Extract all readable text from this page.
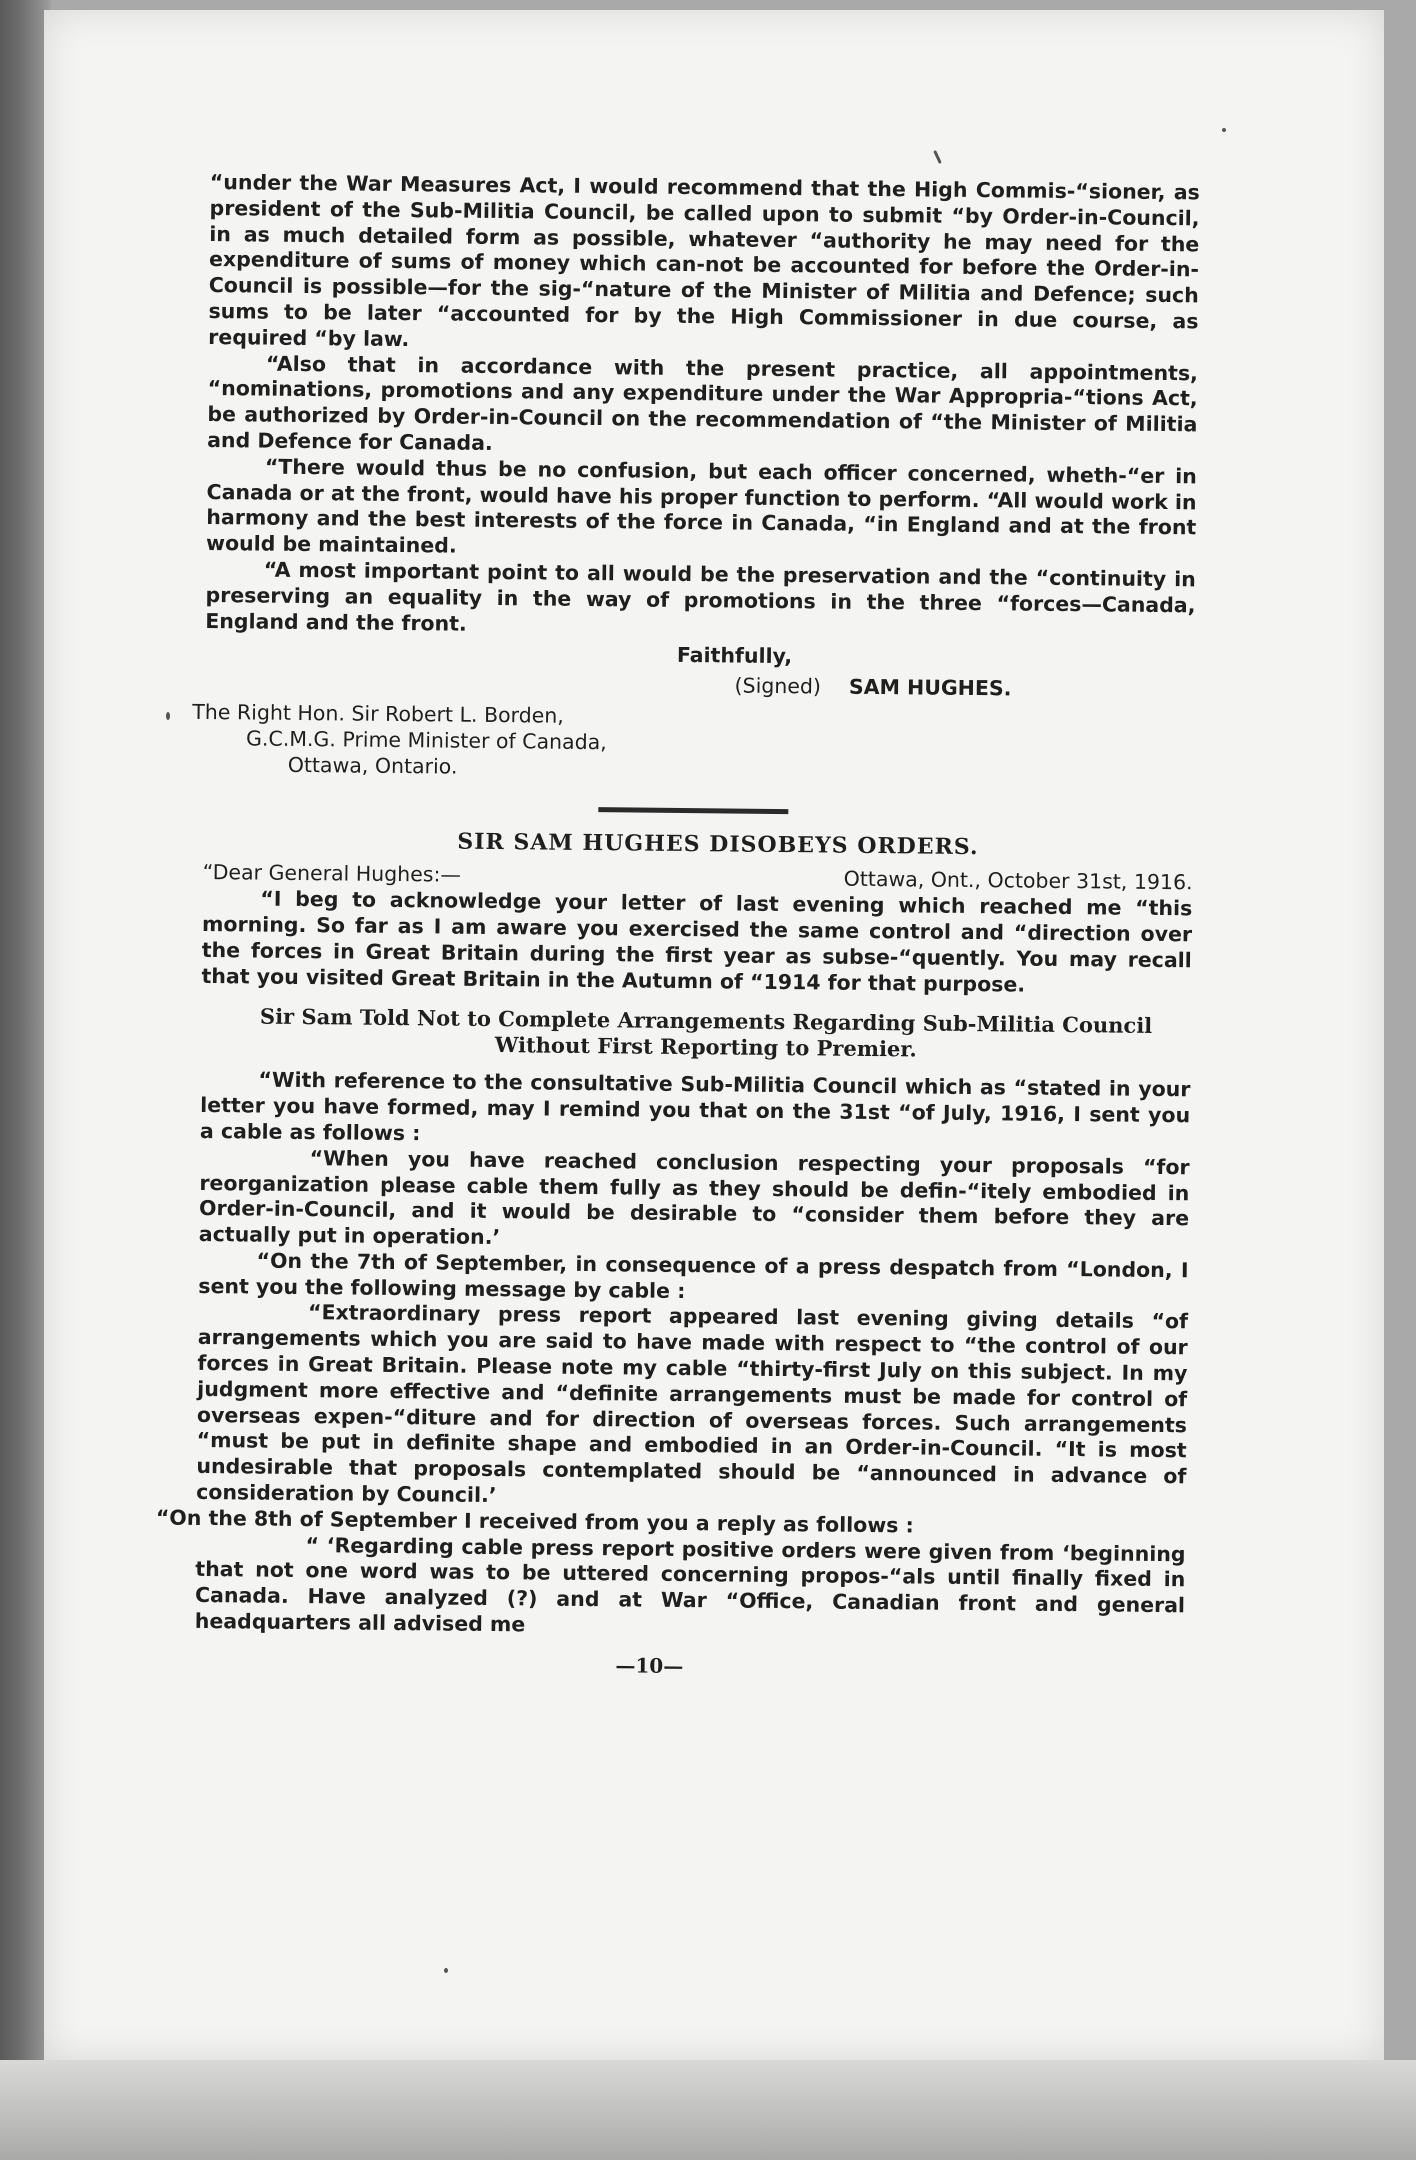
“under the War Measures Act, I would recommend that the High Commis‑“sioner, as president of the Sub-Militia Council, be called upon to submit “by Order-in-Council, in as much detailed form as possible, whatever “authority he may need for the expenditure of sums of money which can‑not be accounted for before the Order-in-Council is possible—for the sig‑“nature of the Minister of Militia and Defence; such sums to be later “accounted for by the High Commissioner in due course, as required “by law.

“Also that in accordance with the present practice, all appointments, “nominations, promotions and any expenditure under the War Appropria‑“tions Act, be authorized by Order-in-Council on the recommendation of “the Minister of Militia and Defence for Canada.

“There would thus be no confusion, but each officer concerned, wheth‑“er in Canada or at the front, would have his proper function to perform. “All would work in harmony and the best interests of the force in Canada, “in England and at the front would be maintained.

“A most important point to all would be the preservation and the “continuity in preserving an equality in the way of promotions in the three “forces—Canada, England and the front.

Faithfully,
(Signed) SAM HUGHES.
The Right Hon. Sir Robert L. Borden,
G.C.M.G. Prime Minister of Canada,
Ottawa, Ontario.
SIR SAM HUGHES DISOBEYS ORDERS.
“Dear General Hughes:—	Ottawa, Ont., October 31st, 1916.

“I beg to acknowledge your letter of last evening which reached me “this morning. So far as I am aware you exercised the same control and “direction over the forces in Great Britain during the first year as subse‑“quently. You may recall that you visited Great Britain in the Autumn of “1914 for that purpose.

Sir Sam Told Not to Complete Arrangements Regarding Sub-Militia Council Without First Reporting to Premier.

“With reference to the consultative Sub-Militia Council which as “stated in your letter you have formed, may I remind you that on the 31st “of July, 1916, I sent you a cable as follows :

“When you have reached conclusion respecting your proposals “for reorganization please cable them fully as they should be defin‑“itely embodied in Order-in-Council, and it would be desirable to “consider them before they are actually put in operation.’

“On the 7th of September, in consequence of a press despatch from “London, I sent you the following message by cable :

“Extraordinary press report appeared last evening giving details “of arrangements which you are said to have made with respect to “the control of our forces in Great Britain. Please note my cable “thirty-first July on this subject. In my judgment more effective and “definite arrangements must be made for control of overseas expen‑“diture and for direction of overseas forces. Such arrangements “must be put in definite shape and embodied in an Order-in-Council. “It is most undesirable that proposals contemplated should be “announced in advance of consideration by Council.’

“On the 8th of September I received from you a reply as follows :

“ ‘Regarding cable press report positive orders were given from ‘beginning that not one word was to be uttered concerning propos‑“als until finally fixed in Canada. Have analyzed (?) and at War “Office, Canadian front and general headquarters all advised me

—10—
